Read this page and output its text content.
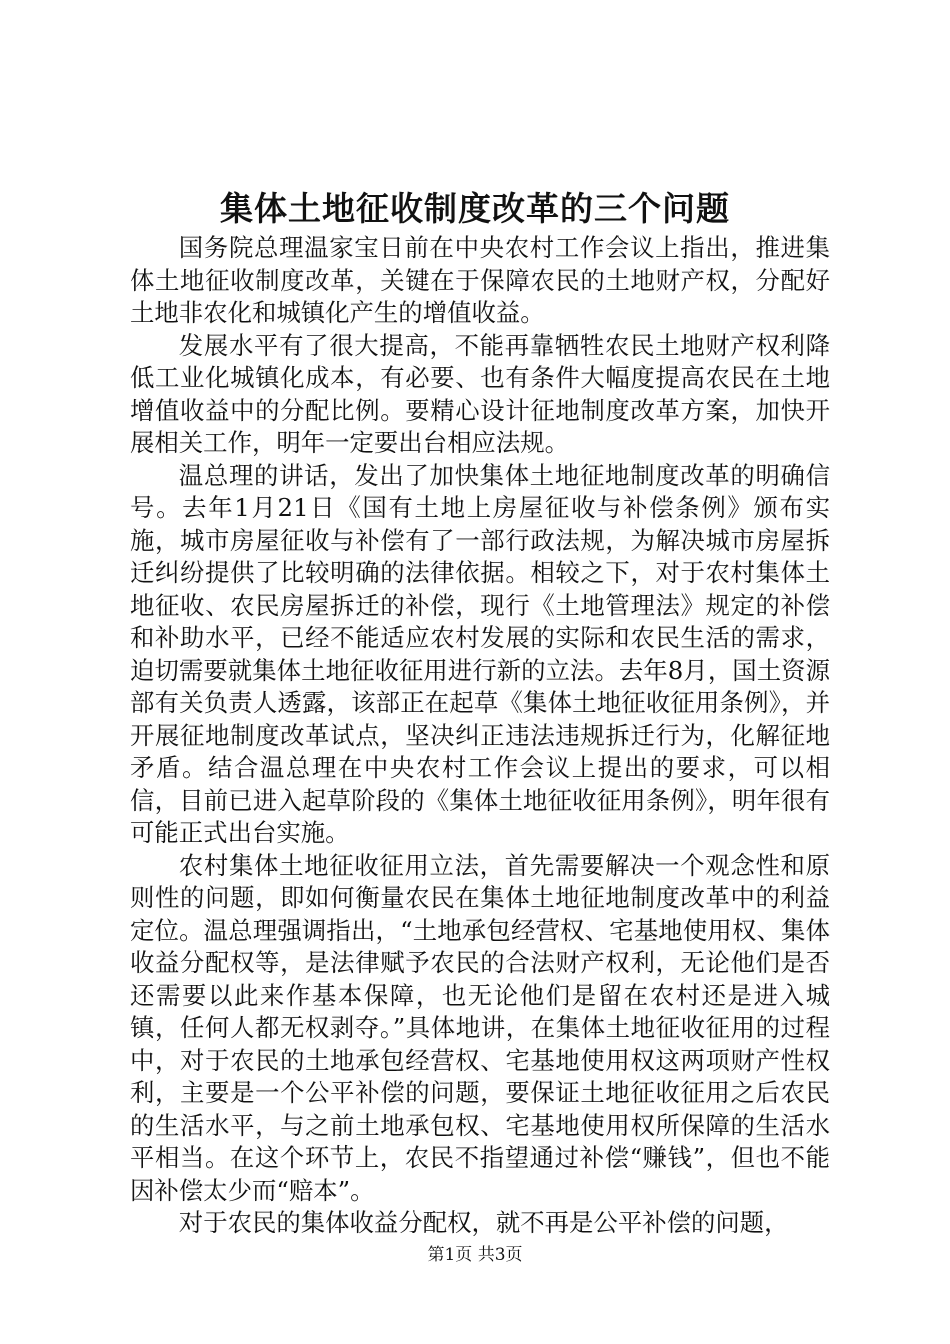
集体土地征收制度改革的三个问题

国务院总理温家宝日前在中央农村工作会议上指出，推进集体土地征收制度改革，关键在于保障农民的土地财产权，分配好土地非农化和城镇化产生的增值收益。

发展水平有了很大提高，不能再靠牺牲农民土地财产权利降低工业化城镇化成本，有必要、也有条件大幅度提高农民在土地增值收益中的分配比例。要精心设计征地制度改革方案，加快开展相关工作，明年一定要出台相应法规。

温总理的讲话，发出了加快集体土地征地制度改革的明确信号。去年1月21日《国有土地上房屋征收与补偿条例》颁布实施，城市房屋征收与补偿有了一部行政法规，为解决城市房屋拆迁纠纷提供了比较明确的法律依据。相较之下，对于农村集体土地征收、农民房屋拆迁的补偿，现行《土地管理法》规定的补偿和补助水平，已经不能适应农村发展的实际和农民生活的需求，迫切需要就集体土地征收征用进行新的立法。去年8月，国土资源部有关负责人透露，该部正在起草《集体土地征收征用条例》，并开展征地制度改革试点，坚决纠正违法违规拆迁行为，化解征地矛盾。结合温总理在中央农村工作会议上提出的要求，可以相信，目前已进入起草阶段的《集体土地征收征用条例》，明年很有可能正式出台实施。

农村集体土地征收征用立法，首先需要解决一个观念性和原则性的问题，即如何衡量农民在集体土地征地制度改革中的利益定位。温总理强调指出，“土地承包经营权、宅基地使用权、集体收益分配权等，是法律赋予农民的合法财产权利，无论他们是否还需要以此来作基本保障，也无论他们是留在农村还是进入城镇，任何人都无权剥夺。”具体地讲，在集体土地征收征用的过程中，对于农民的土地承包经营权、宅基地使用权这两项财产性权利，主要是一个公平补偿的问题，要保证土地征收征用之后农民的生活水平，与之前土地承包权、宅基地使用权所保障的生活水平相当。在这个环节上，农民不指望通过补偿“赚钱”，但也不能因补偿太少而“赔本”。

对于农民的集体收益分配权，就不再是公平补偿的问题，

第1页 共3页
